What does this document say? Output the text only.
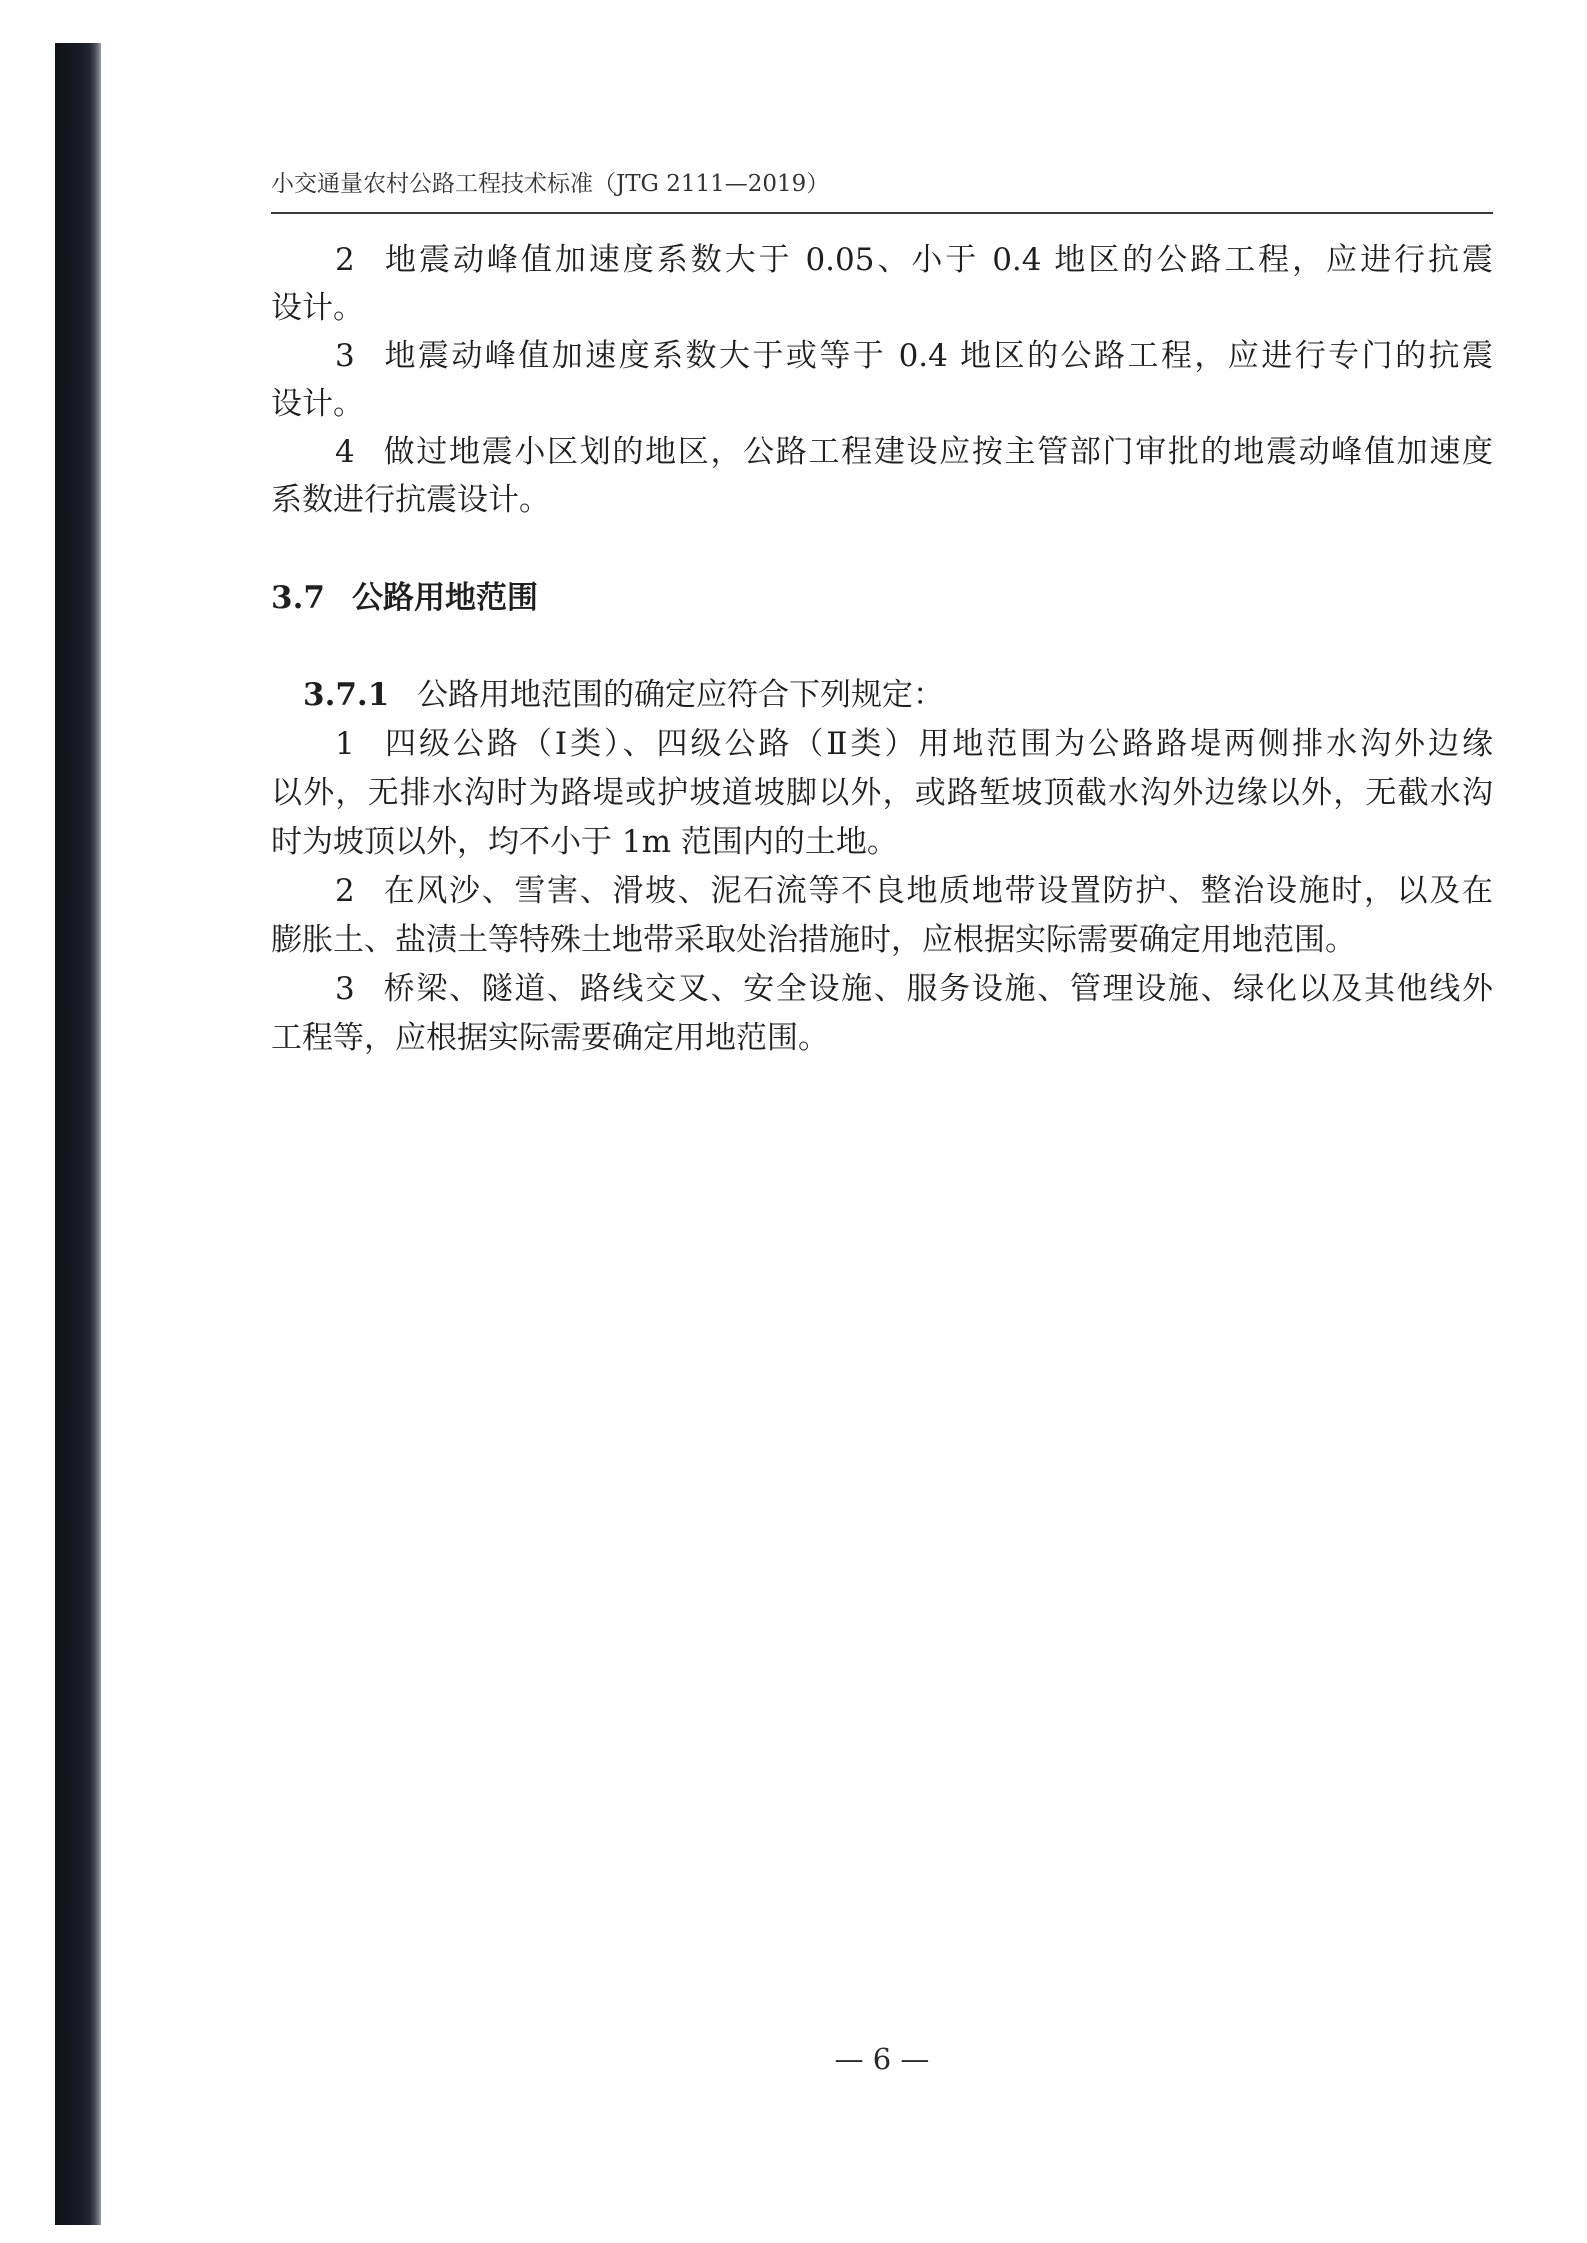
小交通量农村公路工程技术标准（JTG 2111—2019）
2 地震动峰值加速度系数大于 0.05、小于 0.4 地区的公路工程，应进行抗震
设计。
3 地震动峰值加速度系数大于或等于 0.4 地区的公路工程，应进行专门的抗震
设计。
4 做过地震小区划的地区，公路工程建设应按主管部门审批的地震动峰值加速度
系数进行抗震设计。
3.7 公路用地范围
3.7.1 公路用地范围的确定应符合下列规定：
1 四级公路（Ⅰ类）、四级公路（Ⅱ类）用地范围为公路路堤两侧排水沟外边缘
以外，无排水沟时为路堤或护坡道坡脚以外，或路堑坡顶截水沟外边缘以外，无截水沟
时为坡顶以外，均不小于 1m 范围内的土地。
2 在风沙、雪害、滑坡、泥石流等不良地质地带设置防护、整治设施时，以及在
膨胀土、盐渍土等特殊土地带采取处治措施时，应根据实际需要确定用地范围。
3 桥梁、隧道、路线交叉、安全设施、服务设施、管理设施、绿化以及其他线外
工程等，应根据实际需要确定用地范围。
— 6 —
